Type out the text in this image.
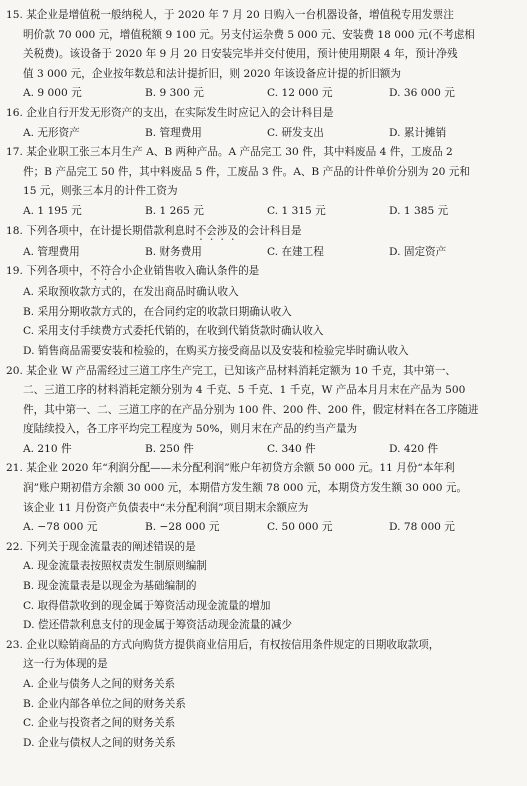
15. 某企业是增值税一般纳税人，于 2020 年 7 月 20 日购入一台机器设备，增值税专用发票注
明价款 70 000 元，增值税额 9 100 元。另支付运杂费 5 000 元、安装费 18 000 元(不考虑相
关税费)。该设备于 2020 年 9 月 20 日安装完毕并交付使用，预计使用期限 4 年，预计净残
值 3 000 元，企业按年数总和法计提折旧，则 2020 年该设备应计提的折旧额为
A. 9 000 元	B. 9 300 元	C. 12 000 元	D. 36 000 元
16. 企业自行开发无形资产的支出，在实际发生时应记入的会计科目是
A. 无形资产	B. 管理费用	C. 研发支出	D. 累计摊销
17. 某企业职工张三本月生产 A、B 两种产品。A 产品完工 30 件，其中料废品 4 件，工废品 2
件；B 产品完工 50 件，其中料废品 5 件，工废品 3 件。A、B 产品的计件单价分别为 20 元和
15 元，则张三本月的计件工资为
A. 1 195 元	B. 1 265 元	C. 1 315 元	D. 1 385 元
18. 下列各项中，在计提长期借款利息时不会涉及的会计科目是
A. 管理费用	B. 财务费用	C. 在建工程	D. 固定资产
19. 下列各项中，不符合小企业销售收入确认条件的是
A. 采取预收款方式的，在发出商品时确认收入
B. 采用分期收款方式的，在合同约定的收款日期确认收入
C. 采用支付手续费方式委托代销的，在收到代销货款时确认收入
D. 销售商品需要安装和检验的，在购买方接受商品以及安装和检验完毕时确认收入
20. 某企业 W 产品需经过三道工序生产完工，已知该产品材料消耗定额为 10 千克，其中第一、
二、三道工序的材料消耗定额分别为 4 千克、5 千克、1 千克，W 产品本月月末在产品为 500
件，其中第一、二、三道工序的在产品分别为 100 件、200 件、200 件，假定材料在各工序随进
度陆续投入，各工序平均完工程度为 50%，则月末在产品的约当产量为
A. 210 件	B. 250 件	C. 340 件	D. 420 件
21. 某企业 2020 年“利润分配——未分配利润”账户年初贷方余额 50 000 元。11 月份“本年利
润”账户期初借方余额 30 000 元，本期借方发生额 78 000 元，本期贷方发生额 30 000 元。
该企业 11 月份资产负债表中“未分配利润”项目期末余额应为
A. −78 000 元	B. −28 000 元	C. 50 000 元	D. 78 000 元
22. 下列关于现金流量表的阐述错误的是
A. 现金流量表按照权责发生制原则编制
B. 现金流量表是以现金为基础编制的
C. 取得借款收到的现金属于筹资活动现金流量的增加
D. 偿还借款利息支付的现金属于筹资活动现金流量的减少
23. 企业以赊销商品的方式向购货方提供商业信用后，有权按信用条件规定的日期收取款项，
这一行为体现的是
A. 企业与债务人之间的财务关系
B. 企业内部各单位之间的财务关系
C. 企业与投资者之间的财务关系
D. 企业与债权人之间的财务关系
